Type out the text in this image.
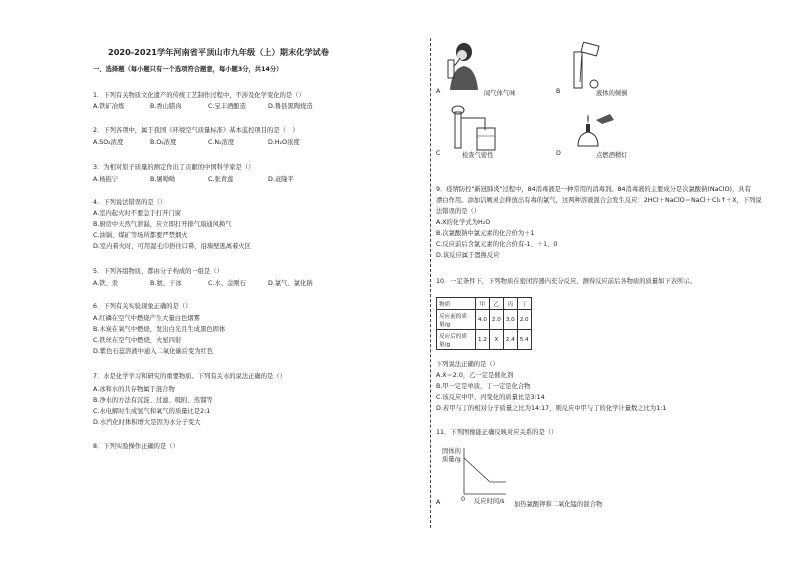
2020-2021学年河南省平顶山市九年级（上）期末化学试卷
一、选择题（每小题只有一个选项符合题意，每小题3分，共14分）
1．下列有关物质文化遗产的传统工艺制作过程中，不涉及化学变化的是（）
A.铁矿冶炼	B.香山腊肉	C.宝丰酒酿造	D.鲁县黑陶烧造
2．下列各项中，属于我国《环境空气质量标准》基本监控项目的是（　）
A.SO₂浓度	B.O₂浓度	C.N₂浓度	D.H₂O浓度
3．为相对原子质量的测定作出了贡献的中国科学家是（）
A.杨振宁	B.屠呦呦	C.张青莲	D.袁隆平
4．下列说法错误的是（）
A.室内起火时不要急于打开门窗
B.厨房中天然气泄漏，应立即打开排气扇通风换气
C.油锅、煤矿等场所都要严禁烟火
D.室内着火时，可用湿毛巾捂住口鼻，沿墙壁逃离着火区
5．下列各组物质，都由分子构成的一组是（）
A.铁、汞	B.氨、干冰	C.水、金刚石	D.氯气、氯化钠
6．下列有关实验现象正确的是（）
A.红磷在空气中燃烧产生大量白色烟雾
B.木炭在氧气中燃烧，发出白光且生成黑色固体
C.铁丝在空气中燃烧，火星四射
D.紫色石蕊溶液中通入二氧化碳后变为红色
7．水是化学学习和研究的重要物质。下列有关水的说法正确的是（）
A.冰和水的共存物属于混合物
B.净水的方法有沉淀、过滤、吸附、蒸馏等
C.水电解时生成氢气和氧气的质量比是2:1
D.水汽化时体积增大是因为水分子变大
8．下列实验操作正确的是（）
A	闻气体气味	B	液体的倾倒
C	检查气密性	D	点燃酒精灯
9．疫情防控"新冠肺炎"过程中，84消毒液是一种常用的消毒剂。84消毒液的主要成分是次氯酸钠(NaClO)，具有
漂白作用。添加洁厕灵会释放出有毒的氯气，这两种溶液混合会发生反应：2HCl＋NaClO＝NaCl＋Cl₂↑＋X，下列说
法错误的是（）
A.X的化学式为H₂O
B.次氯酸钠中氯元素的化合价为＋1
C.反应前后含氯元素的化合价有-1、＋1、0
D.该反应属于置换反应
10．一定条件下，下列物质在密闭容器内充分反应，测得反应前后各物质的质量如下表所示。
物质	甲	乙	丙	丁
反应前的质量/g	4.0	2.0	3.0	2.0
反应后的质量/g	1.2	X	2.4	5.4
下列说法正确的是（）
A.X＝2.0，乙一定是催化剂
B.甲一定是单质，丁一定是化合物
C.该反应中甲、丙变化的质量比是3:14
D.若甲与丁的相对分子质量之比为14:17，则反应中甲与丁的化学计量数之比为1:1
11．下列图像能正确反映对应关系的是（）
固体的质量/g
0 反应时间/s
A	加热氯酸钾和二氧化锰的混合物
